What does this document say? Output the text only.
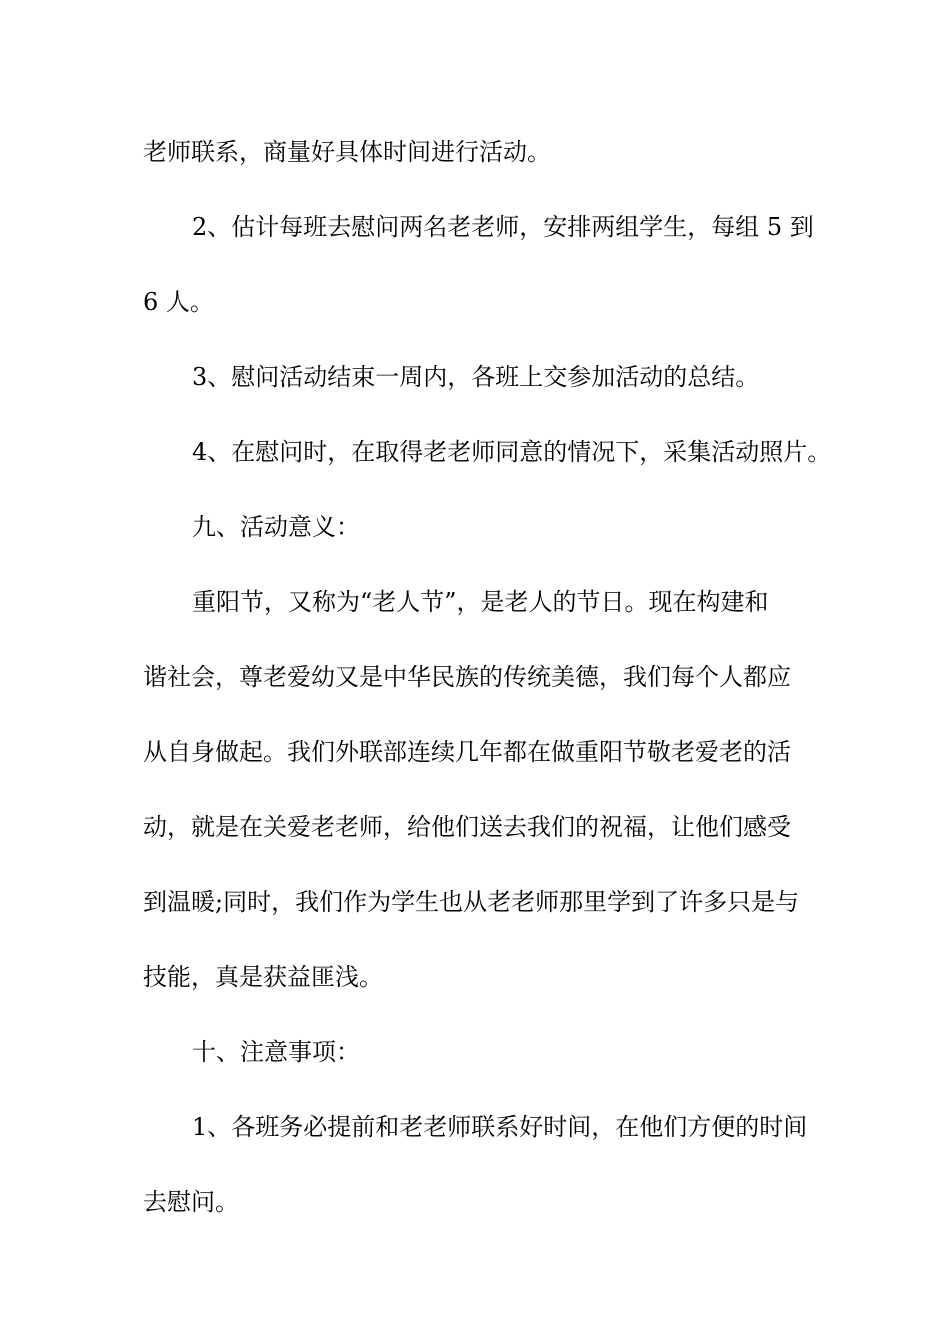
老师联系，商量好具体时间进行活动。
2、估计每班去慰问两名老老师，安排两组学生，每组 5 到
6 人。
3、慰问活动结束一周内，各班上交参加活动的总结。
4、在慰问时，在取得老老师同意的情况下，采集活动照片。
九、活动意义：
重阳节，又称为“老人节”，是老人的节日。现在构建和
谐社会，尊老爱幼又是中华民族的传统美德，我们每个人都应
从自身做起。我们外联部连续几年都在做重阳节敬老爱老的活
动，就是在关爱老老师，给他们送去我们的祝福，让他们感受
到温暖;同时，我们作为学生也从老老师那里学到了许多只是与
技能，真是获益匪浅。
十、注意事项：
1、各班务必提前和老老师联系好时间，在他们方便的时间
去慰问。
